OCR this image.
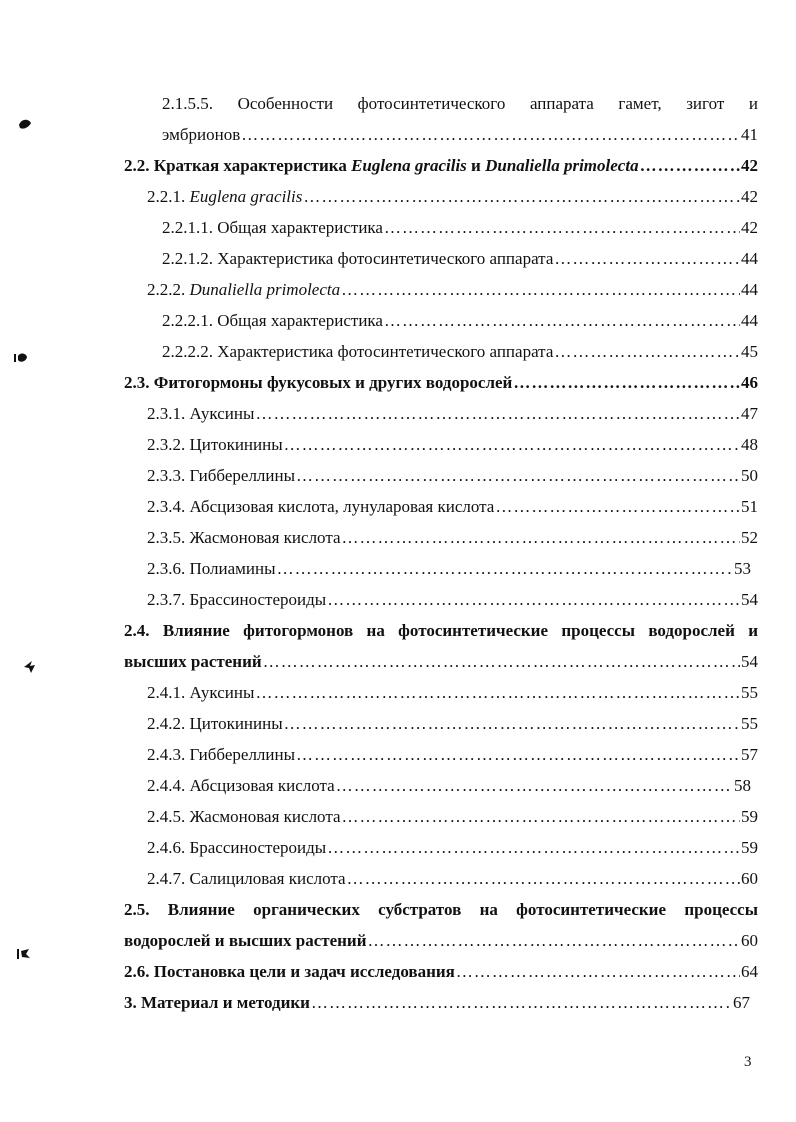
2.1.5.5. Особенности фотосинтетического аппарата гамет, зигот и
эмбрионов ……………………………………………………………………………………………………………………………………………………………………………………………………	41
2.2. Краткая характеристика Euglena gracilis и Dunaliella primolecta ……………………………………………………………………………………………………………………………………………………………………………………………………	42
2.2.1. Euglena gracilis ……………………………………………………………………………………………………………………………………………………………………………………………………	42
2.2.1.1. Общая характеристика ……………………………………………………………………………………………………………………………………………………………………………………………………	42
2.2.1.2. Характеристика фотосинтетического аппарата ……………………………………………………………………………………………………………………………………………………………………………………………………	44
2.2.2. Dunaliella primolecta ……………………………………………………………………………………………………………………………………………………………………………………………………	44
2.2.2.1. Общая характеристика ……………………………………………………………………………………………………………………………………………………………………………………………………	44
2.2.2.2. Характеристика фотосинтетического аппарата ……………………………………………………………………………………………………………………………………………………………………………………………………	45
2.3. Фитогормоны фукусовых и других водорослей ……………………………………………………………………………………………………………………………………………………………………………………………………	46
2.3.1. Ауксины ……………………………………………………………………………………………………………………………………………………………………………………………………	47
2.3.2. Цитокинины ……………………………………………………………………………………………………………………………………………………………………………………………………	48
2.3.3. Гиббереллины ……………………………………………………………………………………………………………………………………………………………………………………………………	50
2.3.4. Абсцизовая кислота, лунуларовая кислота ……………………………………………………………………………………………………………………………………………………………………………………………………	51
2.3.5. Жасмоновая кислота ……………………………………………………………………………………………………………………………………………………………………………………………………	52
2.3.6. Полиамины ……………………………………………………………………………………………………………………………………………………………………………………………………	53
2.3.7. Брассиностероиды ……………………………………………………………………………………………………………………………………………………………………………………………………	54
2.4. Влияние фитогормонов на фотосинтетические процессы водорослей и
высших растений ……………………………………………………………………………………………………………………………………………………………………………………………………	54
2.4.1. Ауксины ……………………………………………………………………………………………………………………………………………………………………………………………………	55
2.4.2. Цитокинины ……………………………………………………………………………………………………………………………………………………………………………………………………	55
2.4.3. Гиббереллины ……………………………………………………………………………………………………………………………………………………………………………………………………	57
2.4.4. Абсцизовая кислота ……………………………………………………………………………………………………………………………………………………………………………………………………	58
2.4.5. Жасмоновая кислота ……………………………………………………………………………………………………………………………………………………………………………………………………	59
2.4.6. Брассиностероиды ……………………………………………………………………………………………………………………………………………………………………………………………………	59
2.4.7. Салициловая кислота ……………………………………………………………………………………………………………………………………………………………………………………………………	60
2.5. Влияние органических субстратов на фотосинтетические процессы
водорослей и высших растений ……………………………………………………………………………………………………………………………………………………………………………………………………	60
2.6. Постановка цели и задач исследования ……………………………………………………………………………………………………………………………………………………………………………………………………	64
3. Материал и методики ……………………………………………………………………………………………………………………………………………………………………………………………………	67
3
